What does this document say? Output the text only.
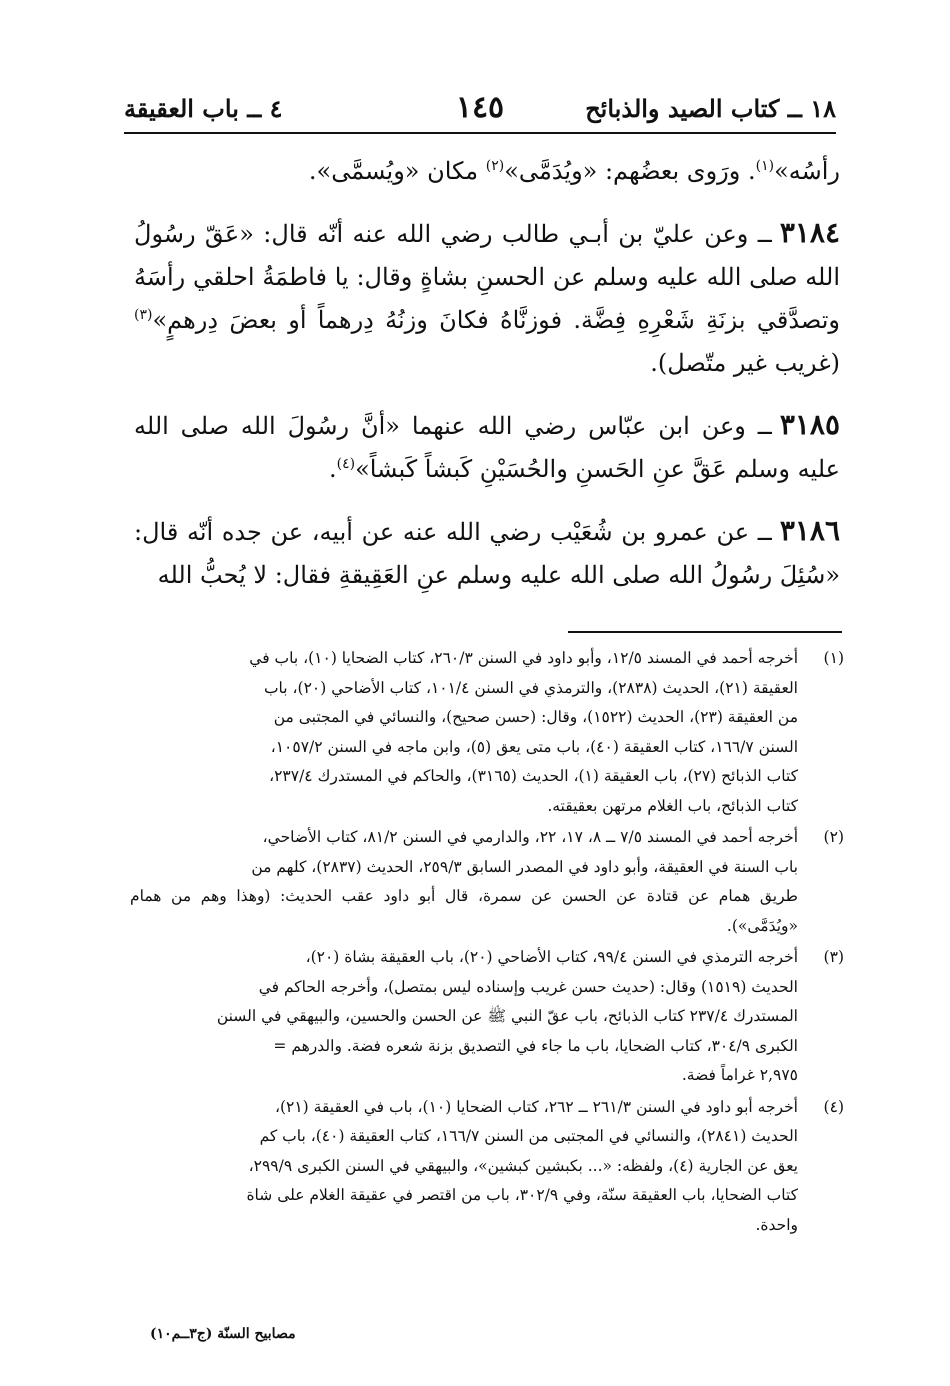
١٨ ــ كتاب الصيد والذبائح
١٤٥
٤ ــ باب العقيقة

رأسُه»$^{(١)}$. ورَوى بعضُهم: «ويُدَمَّى»$^{(٢)}$ مكان «ويُسمَّى».

٣١٨٤ــ وعن عليّ بن أبـي طالب رضي الله عنه أنّه قال: «عَقّ رسُولُ الله صلى الله عليه وسلم عن الحسنِ بشاةٍ وقال: يا فاطمَةُ احلقي رأسَهُ وتصدَّقي بزنَةِ شَعْرِهِ فِضَّة. فوزنَّاهُ فكانَ وزنُهُ دِرهماً أو بعضَ دِرهمٍ»$^{(٣)}$ (غريب غير متّصل).

٣١٨٥ــ وعن ابن عبّاس رضي الله عنهما «أنَّ رسُولَ الله صلى الله عليه وسلم عَقَّ عنِ الحَسنِ والحُسَيْنِ كَبشاً كَبشاً»$^{(٤)}$.

٣١٨٦ــ عن عمرو بن شُعَيْب رضي الله عنه عن أبيه، عن جده أنّه قال: «سُئِلَ رسُولُ الله صلى الله عليه وسلم عنِ العَقِيقةِ فقال: لا يُحبُّ الله

(١)
أخرجه أحمد في المسند ١٢/٥، وأبو داود في السنن ٢٦٠/٣، كتاب الضحايا (١٠)، باب في
العقيقة (٢١)، الحديث (٢٨٣٨)، والترمذي في السنن ١٠١/٤، كتاب الأضاحي (٢٠)، باب
من العقيقة (٢٣)، الحديث (١٥٢٢)، وقال: (حسن صحيح)، والنسائي في المجتبى من
السنن ١٦٦/٧، كتاب العقيقة (٤٠)، باب متى يعق (٥)، وابن ماجه في السنن ١٠٥٧/٢،
كتاب الذبائح (٢٧)، باب العقيقة (١)، الحديث (٣١٦٥)، والحاكم في المستدرك ٢٣٧/٤،
كتاب الذبائح، باب الغلام مرتهن بعقيقته.
(٢)
أخرجه أحمد في المسند ٧/٥ ــ ٨، ١٧، ٢٢، والدارمي في السنن ٨١/٢، كتاب الأضاحي،
باب السنة في العقيقة، وأبو داود في المصدر السابق ٢٥٩/٣، الحديث (٢٨٣٧)، كلهم من
طريق همام عن قتادة عن الحسن عن سمرة، قال أبو داود عقب الحديث: (وهذا وهم من همام «ويُدَمَّى»).
(٣)
أخرجه الترمذي في السنن ٩٩/٤، كتاب الأضاحي (٢٠)، باب العقيقة بشاة (٢٠)،
الحديث (١٥١٩) وقال: (حديث حسن غريب وإسناده ليس بمتصل)، وأخرجه الحاكم في
المستدرك ٢٣٧/٤ كتاب الذبائح، باب عقّ النبي ﷺ عن الحسن والحسين، والبيهقي في السنن
الكبرى ٣٠٤/٩، كتاب الضحايا، باب ما جاء في التصديق بزنة شعره فضة. والدرهم =
٢,٩٧٥ غراماً فضة.
(٤)
أخرجه أبو داود في السنن ٢٦١/٣ ــ ٢٦٢، كتاب الضحايا (١٠)، باب في العقيقة (٢١)،
الحديث (٢٨٤١)، والنسائي في المجتبى من السنن ١٦٦/٧، كتاب العقيقة (٤٠)، باب كم
يعق عن الجارية (٤)، ولفظه: «... بكبشين كبشين»، والبيهقي في السنن الكبرى ٢٩٩/٩،
كتاب الضحايا، باب العقيقة سنّة، وفي ٣٠٢/٩، باب من اقتصر في عقيقة الغلام على شاة
واحدة.
مصابيح السنّة (ج٣ــم١٠)
